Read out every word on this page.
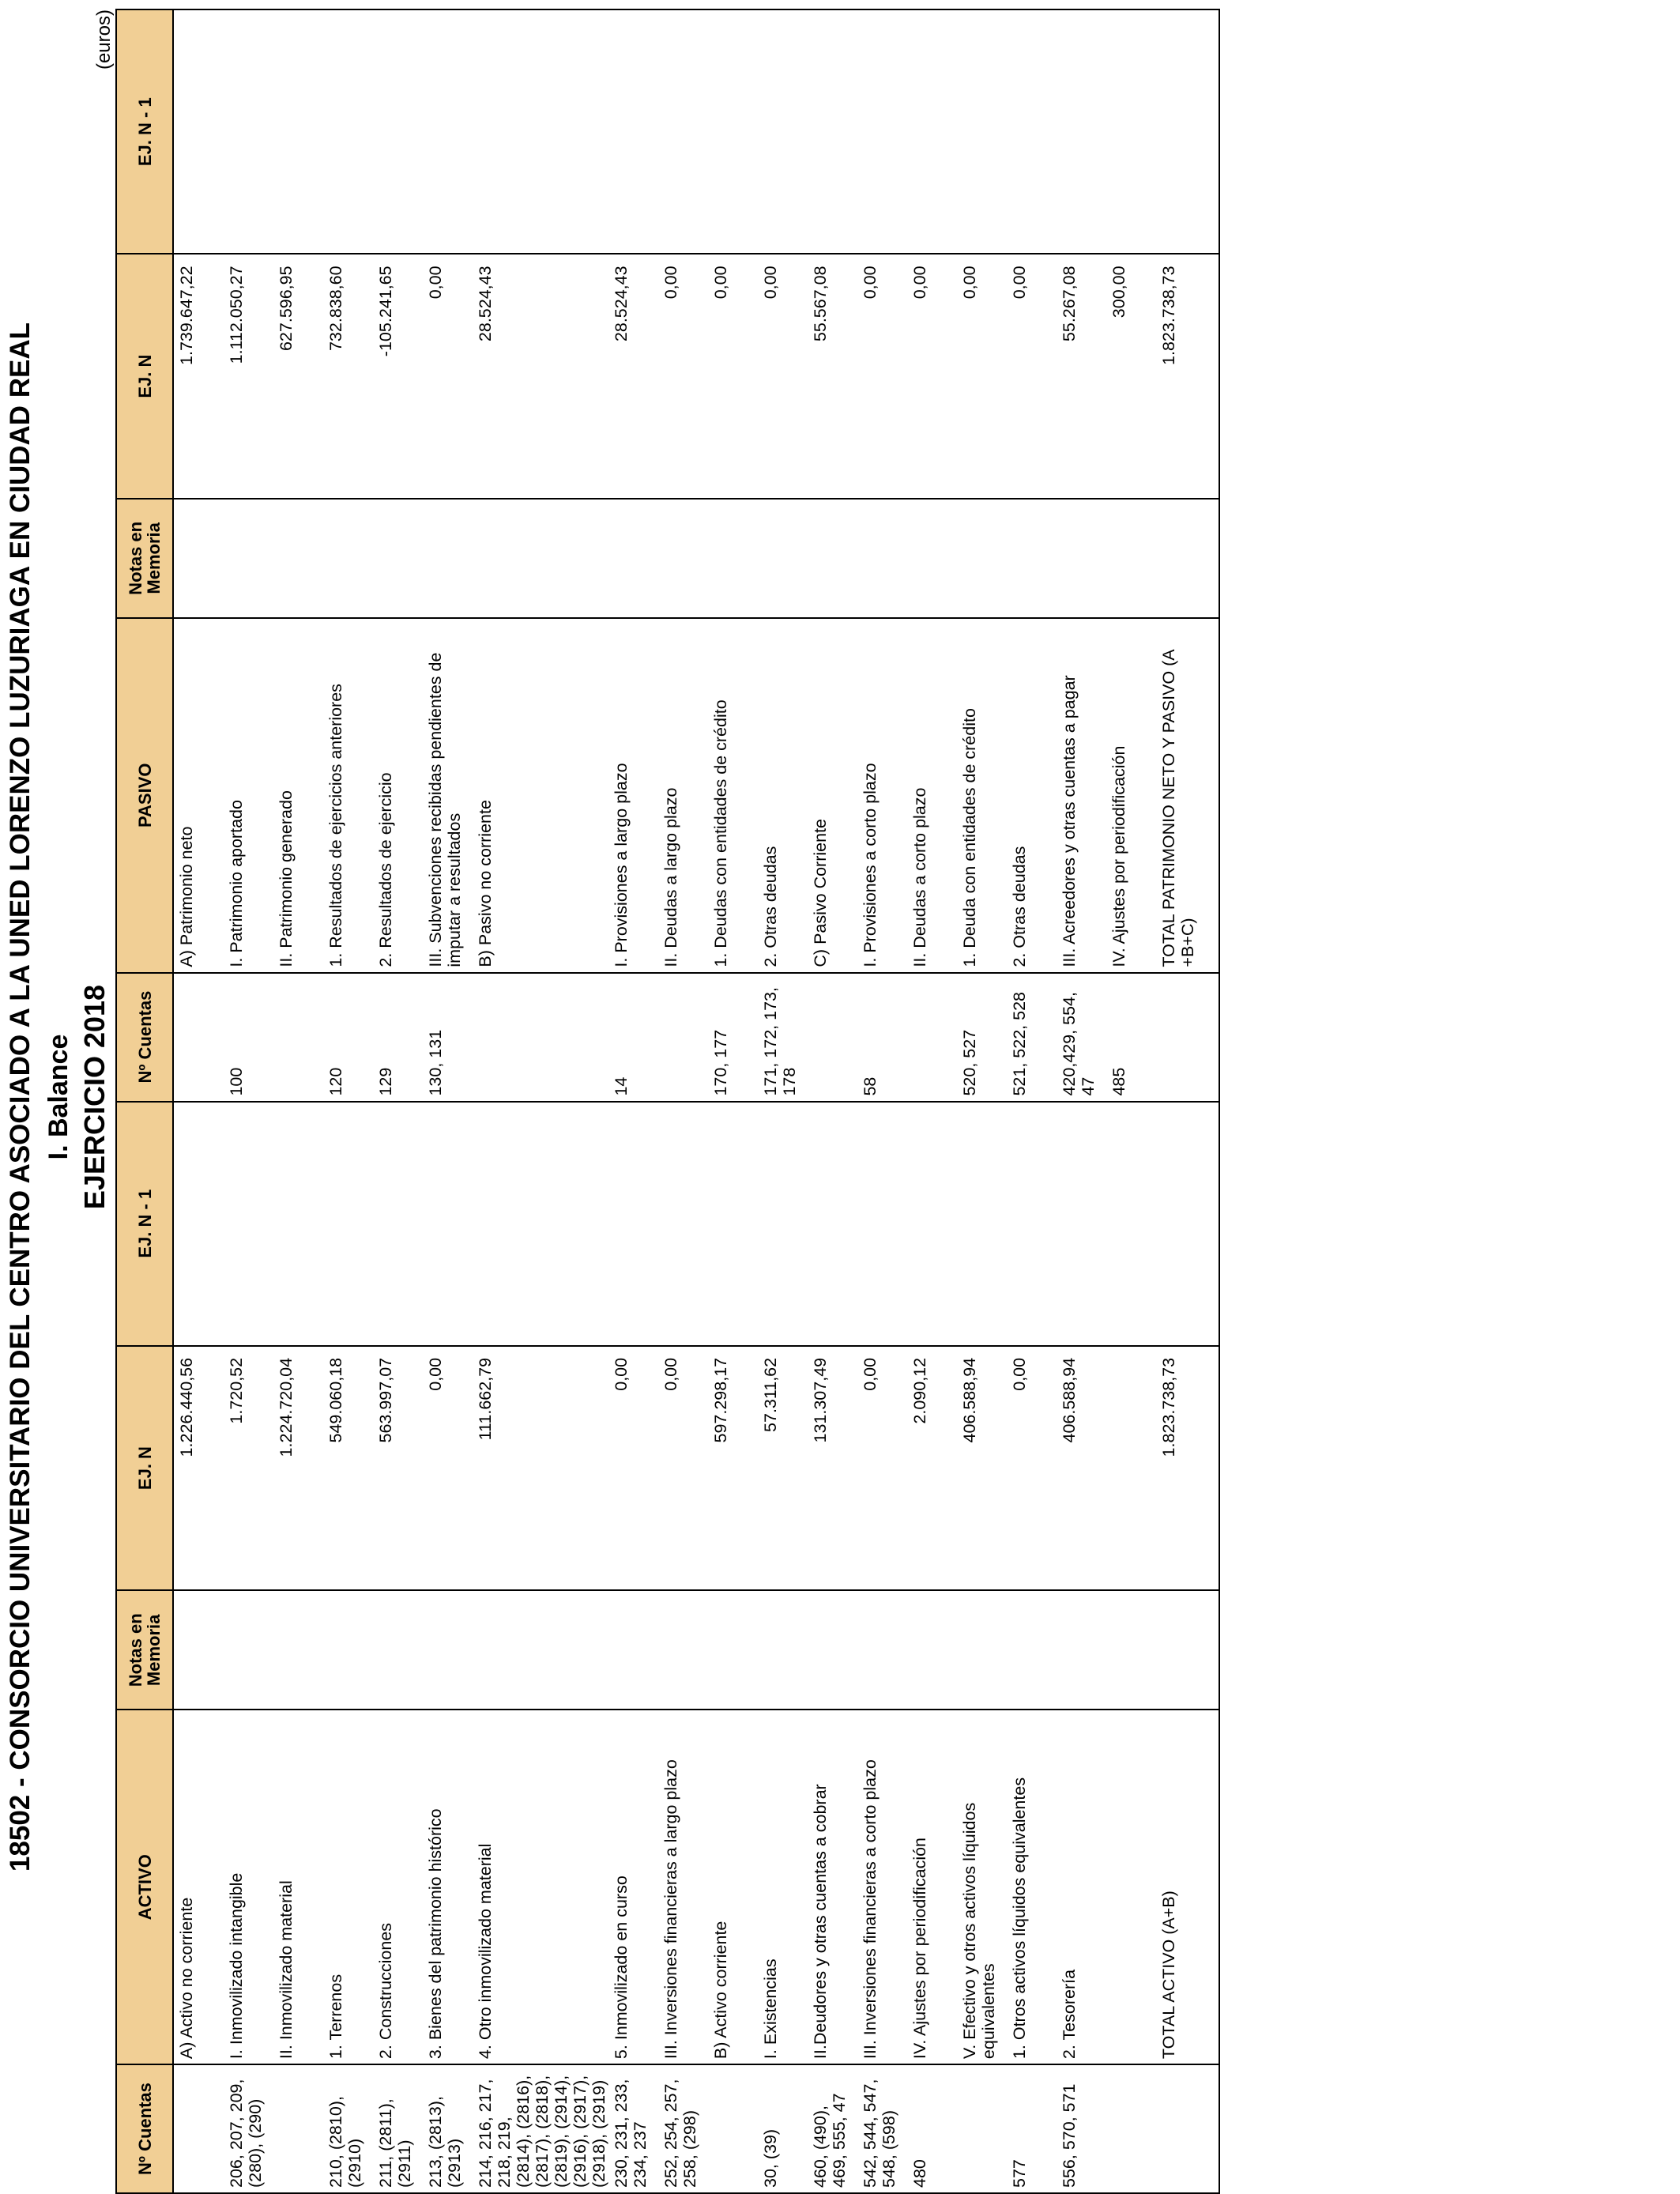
18502 - CONSORCIO UNIVERSITARIO DEL CENTRO ASOCIADO A LA UNED LORENZO LUZURIAGA EN CIUDAD REAL I. Balance EJERCICIO 2018
(euros)
Nº Cuentas	ACTIVO	Notas en Memoria	EJ. N	EJ. N - 1	Nº Cuentas	PASIVO	Notas en Memoria	EJ. N	EJ. N - 1
	A) Activo no corriente		1.226.440,56			A) Patrimonio neto		1.739.647,22	
206, 207, 209, (280), (290)	I. Inmovilizado intangible		1.720,52		100	I. Patrimonio aportado		1.112.050,27	
	II. Inmovilizado material		1.224.720,04			II. Patrimonio generado		627.596,95	
210, (2810), (2910)	1. Terrenos		549.060,18		120	1. Resultados de ejercicios anteriores		732.838,60	
211, (2811), (2911)	2. Construcciones		563.997,07		129	2. Resultados de ejercicio		-105.241,65	
213, (2813), (2913)	3. Bienes del patrimonio histórico		0,00		130, 131	III. Subvenciones recibidas pendientes de imputar a resultados		0,00	
214, 216, 217, 218, 219, (2814), (2816), (2817), (2818), (2819), (2914), (2916), (2917), (2918), (2919)	4. Otro inmovilizado material		111.662,79			B) Pasivo no corriente		28.524,43	
230, 231, 233, 234, 237	5. Inmovilizado en curso		0,00		14	I. Provisiones a largo plazo		28.524,43	
252, 254, 257, 258, (298)	III. Inversiones financieras a largo plazo		0,00			II. Deudas a largo plazo		0,00	
	B) Activo corriente		597.298,17		170, 177	1. Deudas con entidades de crédito		0,00	
30, (39)	I. Existencias		57.311,62		171, 172, 173, 178	2. Otras deudas		0,00	
460, (490), 469, 555, 47	II.Deudores y otras cuentas a cobrar		131.307,49			C) Pasivo Corriente		55.567,08	
542, 544, 547, 548, (598)	III. Inversiones financieras a corto plazo		0,00		58	I. Provisiones a corto plazo		0,00	
480	IV. Ajustes por periodificación		2.090,12			II. Deudas a corto plazo		0,00	
	V. Efectivo y otros activos líquidos equivalentes		406.588,94		520, 527	1. Deuda con entidades de crédito		0,00	
577	1. Otros activos líquidos equivalentes		0,00		521, 522, 528	2. Otras deudas		0,00	
556, 570, 571	2. Tesorería		406.588,94		420,429, 554, 47	III. Acreedores y otras cuentas a pagar		55.267,08	
					485	IV. Ajustes por periodificación		300,00	
	TOTAL ACTIVO (A+B)		1.823.738,73			TOTAL PATRIMONIO NETO Y PASIVO (A +B+C)		1.823.738,73	
